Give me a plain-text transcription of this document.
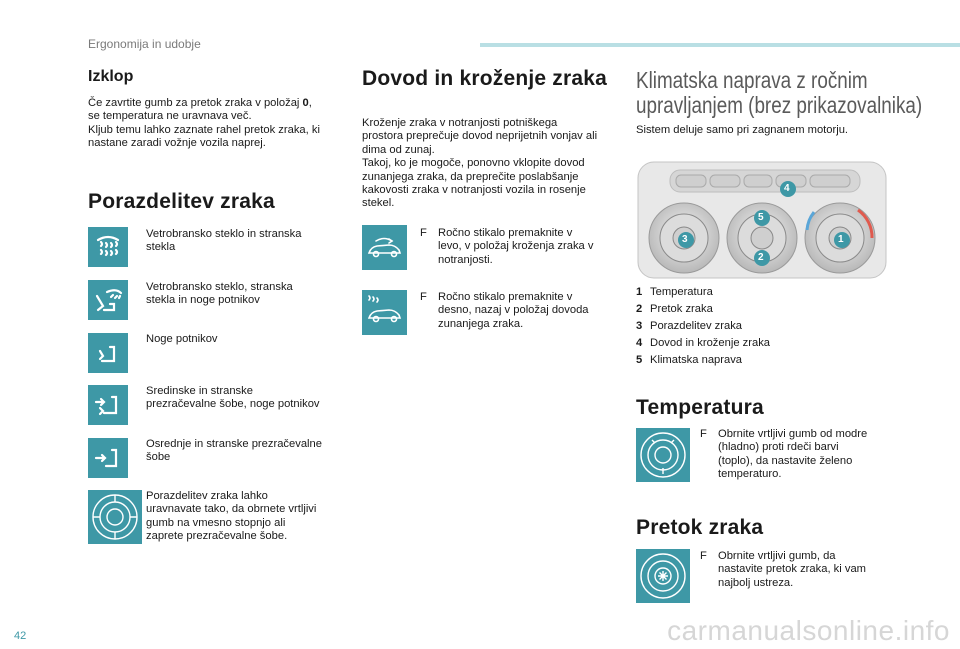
Ergonomija in udobje
Izklop
Če zavrtite gumb za pretok zraka v položaj 0,
se temperatura ne uravnava več.
Kljub temu lahko zaznate rahel pretok zraka, ki
nastane zaradi vožnje vozila naprej.
Porazdelitev zraka
Vetrobransko steklo in stranska
stekla
Vetrobransko steklo, stranska
stekla in noge potnikov
Noge potnikov
Sredinske in stranske
prezračevalne šobe, noge potnikov
Osrednje in stranske prezračevalne
šobe
Porazdelitev zraka lahko
uravnavate tako, da obrnete vrtljivi
gumb na vmesno stopnjo ali
zaprete prezračevalne šobe.
Dovod in kroženje zraka
Kroženje zraka v notranjosti potniškega
prostora preprečuje dovod neprijetnih vonjav ali
dima od zunaj.
Takoj, ko je mogoče, ponovno vklopite dovod
zunanjega zraka, da preprečite poslabšanje
kakovosti zraka v notranjosti vozila in rosenje
stekel.
F Ročno stikalo premaknite v
levo, v položaj kroženja zraka v
notranjosti.
F Ročno stikalo premaknite v
desno, nazaj v položaj dovoda
zunanjega zraka.
Klimatska naprava z ročnim
upravljanjem (brez prikazovalnika)
Sistem deluje samo pri zagnanem motorju.
4
5
3
2
1
1 Temperatura
2 Pretok zraka
3 Porazdelitev zraka
4 Dovod in kroženje zraka
5 Klimatska naprava
Temperatura
F Obrnite vrtljivi gumb od modre
(hladno) proti rdeči barvi
(toplo), da nastavite želeno
temperaturo.
Pretok zraka
F Obrnite vrtljivi gumb, da
nastavite pretok zraka, ki vam
najbolj ustreza.
42	carmanualsonline.info
